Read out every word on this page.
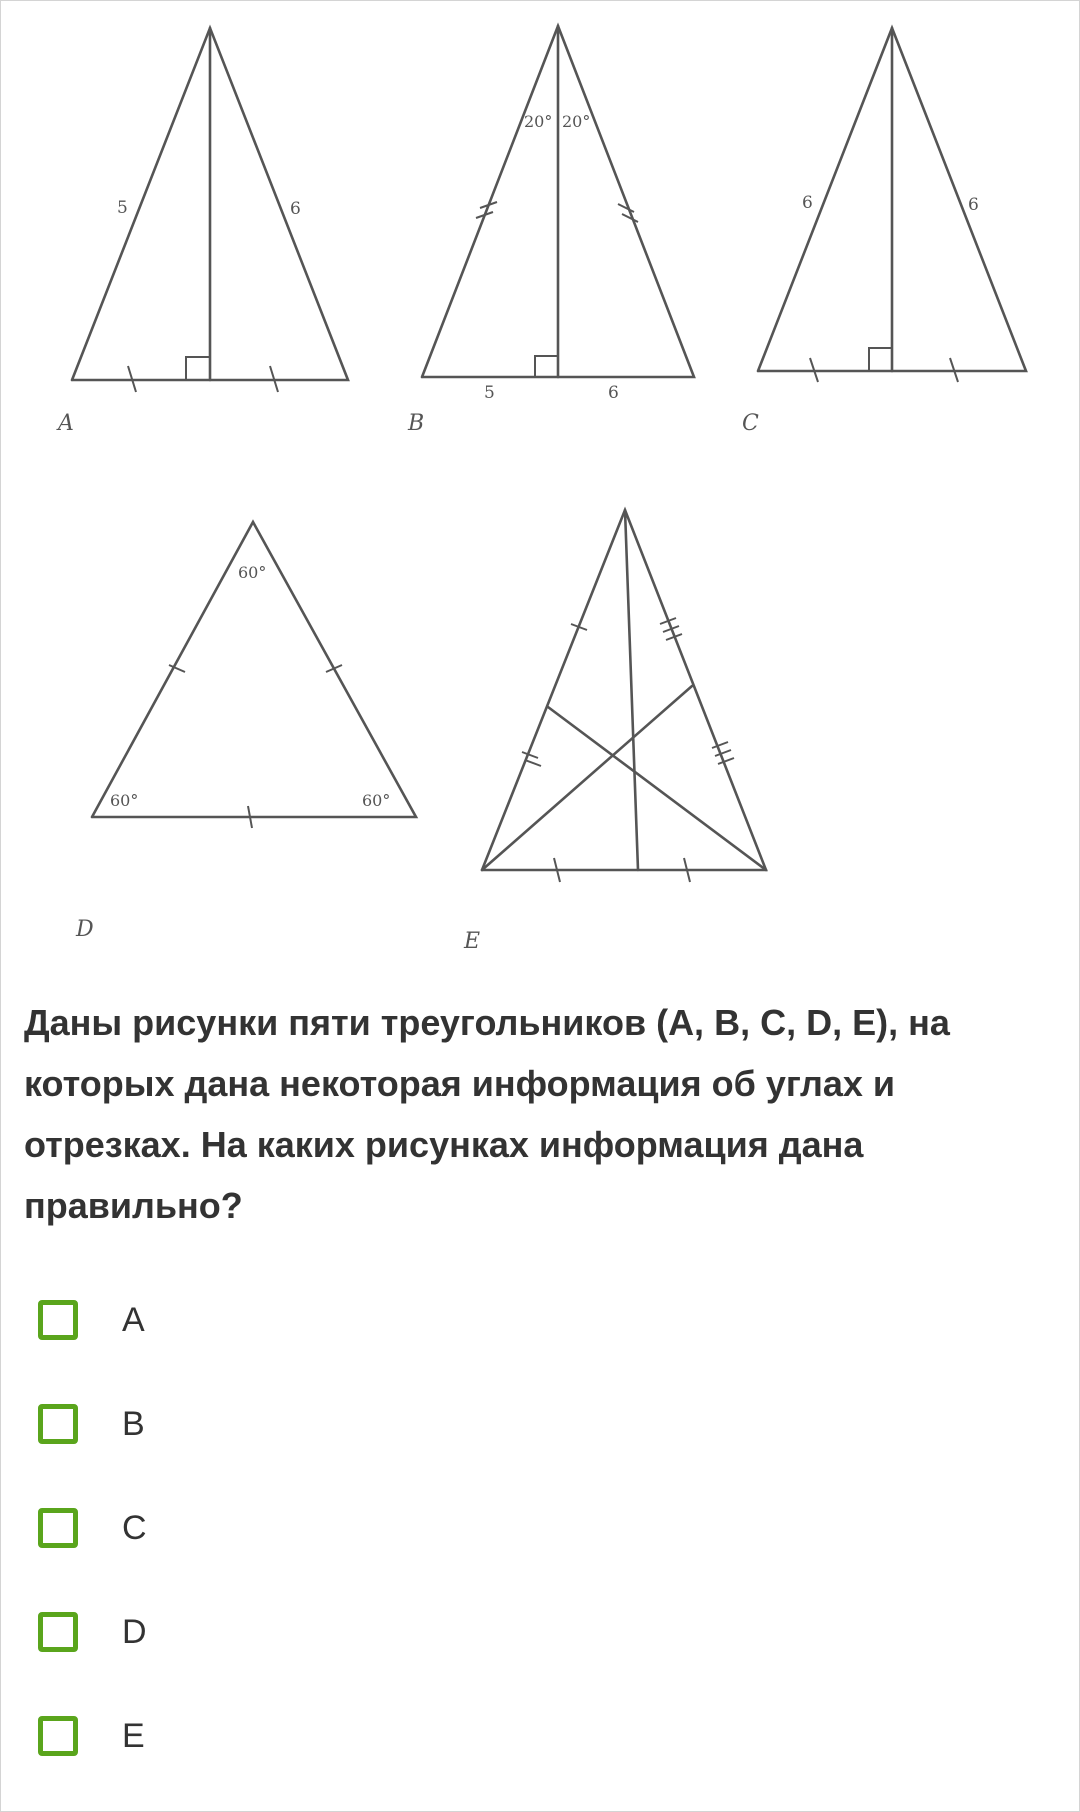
5	6
A
20° 20°
5	6
B
6	6
C
60°
60°	60°
D	E
Даны рисунки пяти треугольников (A, B, C, D, E), на которых дана некоторая информация об углах и отрезках. На каких рисунках информация дана правильно?
A
B
C
D
E
